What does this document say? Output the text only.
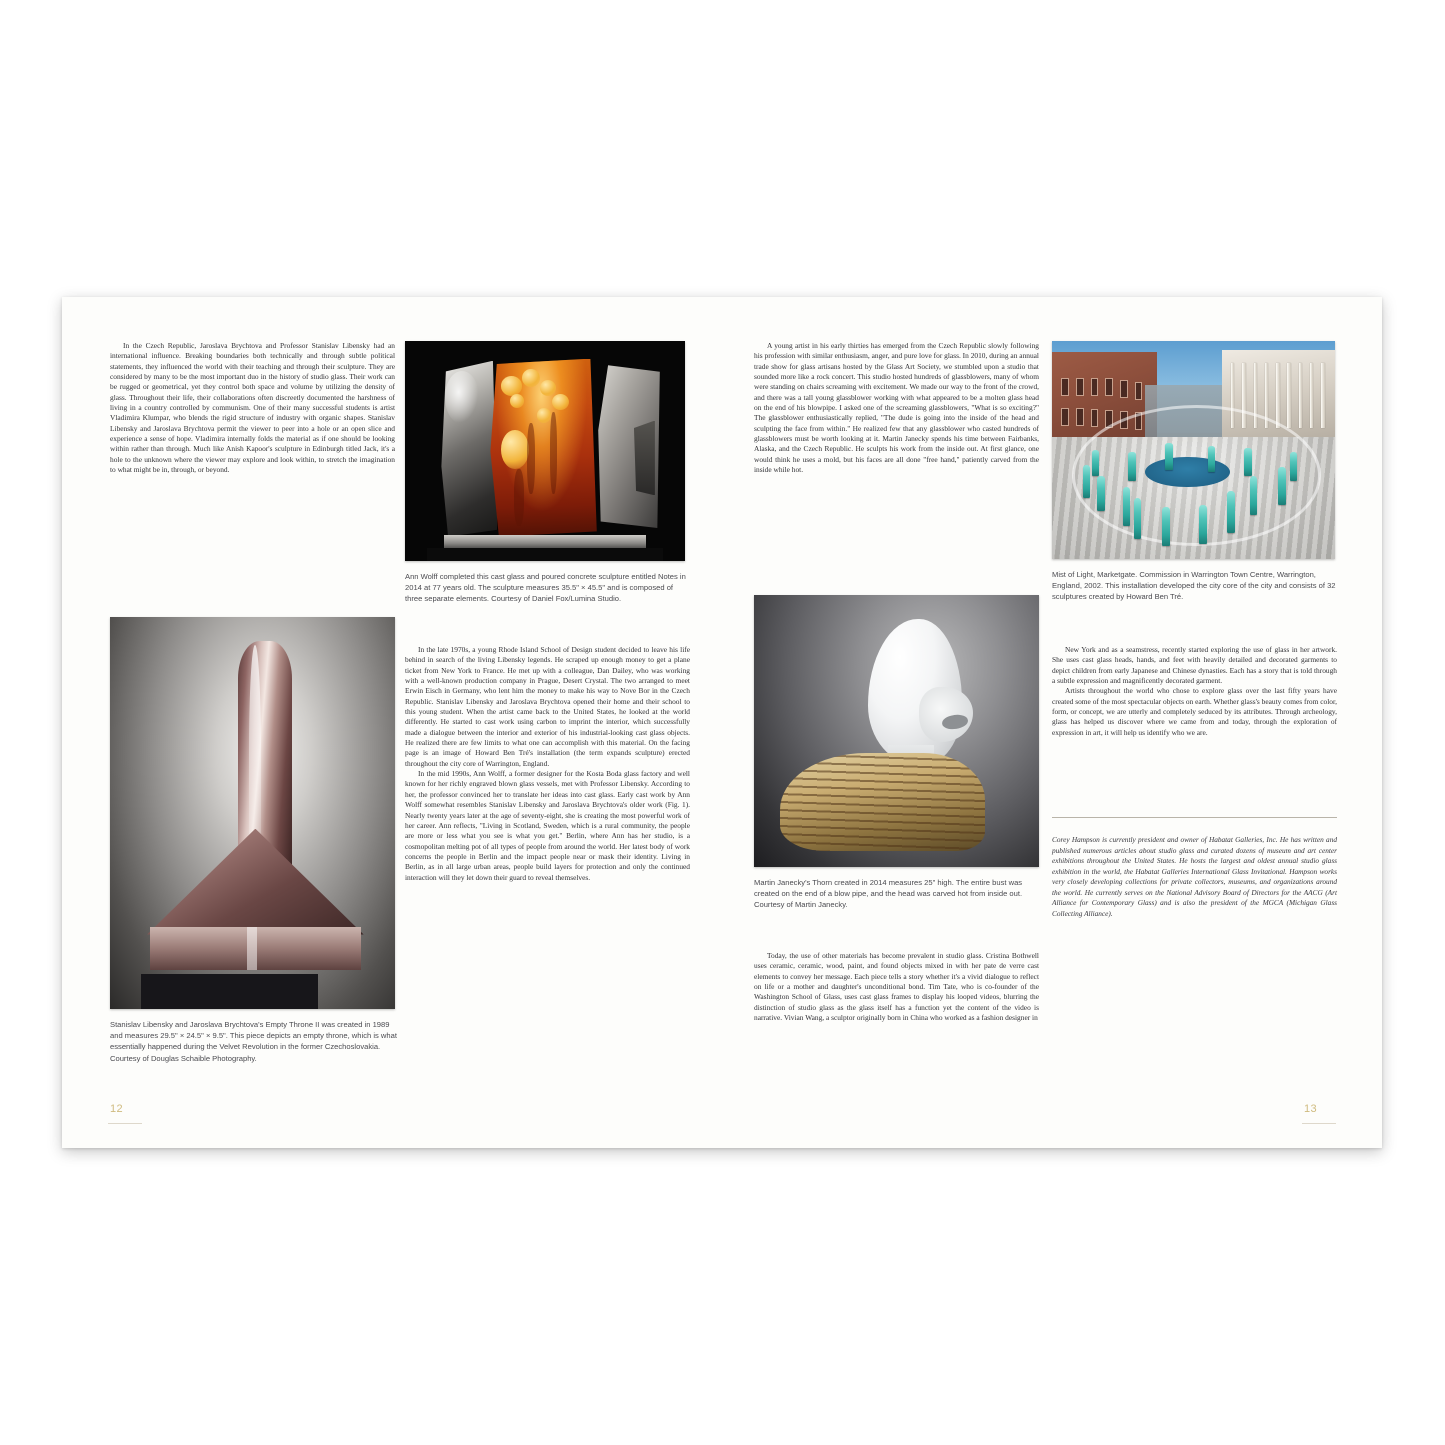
In the Czech Republic, Jaroslava Brychtova and Professor Stanislav Libensky had an international influence. Breaking boundaries both technically and through subtle political statements, they influenced the world with their teaching and through their sculpture. They are considered by many to be the most important duo in the history of studio glass. Their work can be rugged or geometrical, yet they control both space and volume by utilizing the density of glass. Throughout their life, their collaborations often discreetly documented the harshness of living in a country controlled by communism. One of their many successful students is artist Vladimira Klumpar, who blends the rigid structure of industry with organic shapes. Stanislav Libensky and Jaroslava Brychtova permit the viewer to peer into a hole or an open slice and experience a sense of hope. Vladimira internally folds the material as if one should be looking within rather than through. Much like Anish Kapoor's sculpture in Edinburgh titled Jack, it's a hole to the unknown where the viewer may explore and look within, to stretch the imagination to what might be in, through, or beyond.

Stanislav Libensky and Jaroslava Brychtova's Empty Throne II was created in 1989 and measures 29.5" × 24.5" × 9.5". This piece depicts an empty throne, which is what essentially happened during the Velvet Revolution in the former Czechoslovakia. Courtesy of Douglas Schaible Photography.
Ann Wolff completed this cast glass and poured concrete sculpture entitled Notes in 2014 at 77 years old. The sculpture measures 35.5" × 45.5" and is composed of three separate elements. Courtesy of Daniel Fox/Lumina Studio.

In the late 1970s, a young Rhode Island School of Design student decided to leave his life behind in search of the living Libensky legends. He scraped up enough money to get a plane ticket from New York to France. He met up with a colleague, Dan Dailey, who was working with a well-known production company in Prague, Desert Crystal. The two arranged to meet Erwin Eisch in Germany, who lent him the money to make his way to Nove Bor in the Czech Republic. Stanislav Libensky and Jaroslava Brychtova opened their home and their school to this young student. When the artist came back to the United States, he looked at the world differently. He started to cast work using carbon to imprint the interior, which successfully made a dialogue between the interior and exterior of his industrial-looking cast glass objects. He realized there are few limits to what one can accomplish with this material. On the facing page is an image of Howard Ben Tré's installation (the term expands sculpture) erected throughout the city core of Warrington, England.

In the mid 1990s, Ann Wolff, a former designer for the Kosta Boda glass factory and well known for her richly engraved blown glass vessels, met with Professor Libensky. According to her, the professor convinced her to translate her ideas into cast glass. Early cast work by Ann Wolff somewhat resembles Stanislav Libensky and Jaroslava Brychtova's older work (Fig. 1). Nearly twenty years later at the age of seventy-eight, she is creating the most powerful work of her career. Ann reflects, "Living in Scotland, Sweden, which is a rural community, the people are more or less what you see is what you get." Berlin, where Ann has her studio, is a cosmopolitan melting pot of all types of people from around the world. Her latest body of work concerns the people in Berlin and the impact people near or mask their identity. Living in Berlin, as in all large urban areas, people build layers for protection and only the continued interaction will they let down their guard to reveal themselves.

12

A young artist in his early thirties has emerged from the Czech Republic slowly following his profession with similar enthusiasm, anger, and pure love for glass. In 2010, during an annual trade show for glass artisans hosted by the Glass Art Society, we stumbled upon a studio that sounded more like a rock concert. This studio hosted hundreds of glassblowers, many of whom were standing on chairs screaming with excitement. We made our way to the front of the crowd, and there was a tall young glassblower working with what appeared to be a molten glass head on the end of his blowpipe. I asked one of the screaming glassblowers, "What is so exciting?" The glassblower enthusiastically replied, "The dude is going into the inside of the head and sculpting the face from within." He realized few that any glassblower who casted hundreds of glassblowers must be worth looking at it. Martin Janecky spends his time between Fairbanks, Alaska, and the Czech Republic. He sculpts his work from the inside out. At first glance, one would think he uses a mold, but his faces are all done "free hand," patiently carved from the inside while hot.

Martin Janecky's Thorn created in 2014 measures 25" high. The entire bust was created on the end of a blow pipe, and the head was carved hot from inside out. Courtesy of Martin Janecky.

Today, the use of other materials has become prevalent in studio glass. Cristina Bothwell uses ceramic, ceramic, wood, paint, and found objects mixed in with her pate de verre cast elements to convey her message. Each piece tells a story whether it's a vivid dialogue to reflect on life or a mother and daughter's unconditional bond. Tim Tate, who is co-founder of the Washington School of Glass, uses cast glass frames to display his looped videos, blurring the distinction of studio glass as the glass itself has a function yet the content of the video is narrative. Vivian Wang, a sculptor originally born in China who worked as a fashion designer in

Mist of Light, Marketgate. Commission in Warrington Town Centre, Warrington, England, 2002. This installation developed the city core of the city and consists of 32 sculptures created by Howard Ben Tré.

New York and as a seamstress, recently started exploring the use of glass in her artwork. She uses cast glass heads, hands, and feet with heavily detailed and decorated garments to depict children from early Japanese and Chinese dynasties. Each has a story that is told through a subtle expression and magnificently decorated garment.

Artists throughout the world who chose to explore glass over the last fifty years have created some of the most spectacular objects on earth. Whether glass's beauty comes from color, form, or concept, we are utterly and completely seduced by its attributes. Through archeology, glass has helped us discover where we came from and today, through the exploration of expression in art, it will help us identify who we are.

Corey Hampson is currently president and owner of Habatat Galleries, Inc. He has written and published numerous articles about studio glass and curated dozens of museum and art center exhibitions throughout the United States. He hosts the largest and oldest annual studio glass exhibition in the world, the Habatat Galleries International Glass Invitational. Hampson works very closely developing collections for private collectors, museums, and organizations around the world. He currently serves on the National Advisory Board of Directors for the AACG (Art Alliance for Contemporary Glass) and is also the president of the MGCA (Michigan Glass Collecting Alliance).
13
